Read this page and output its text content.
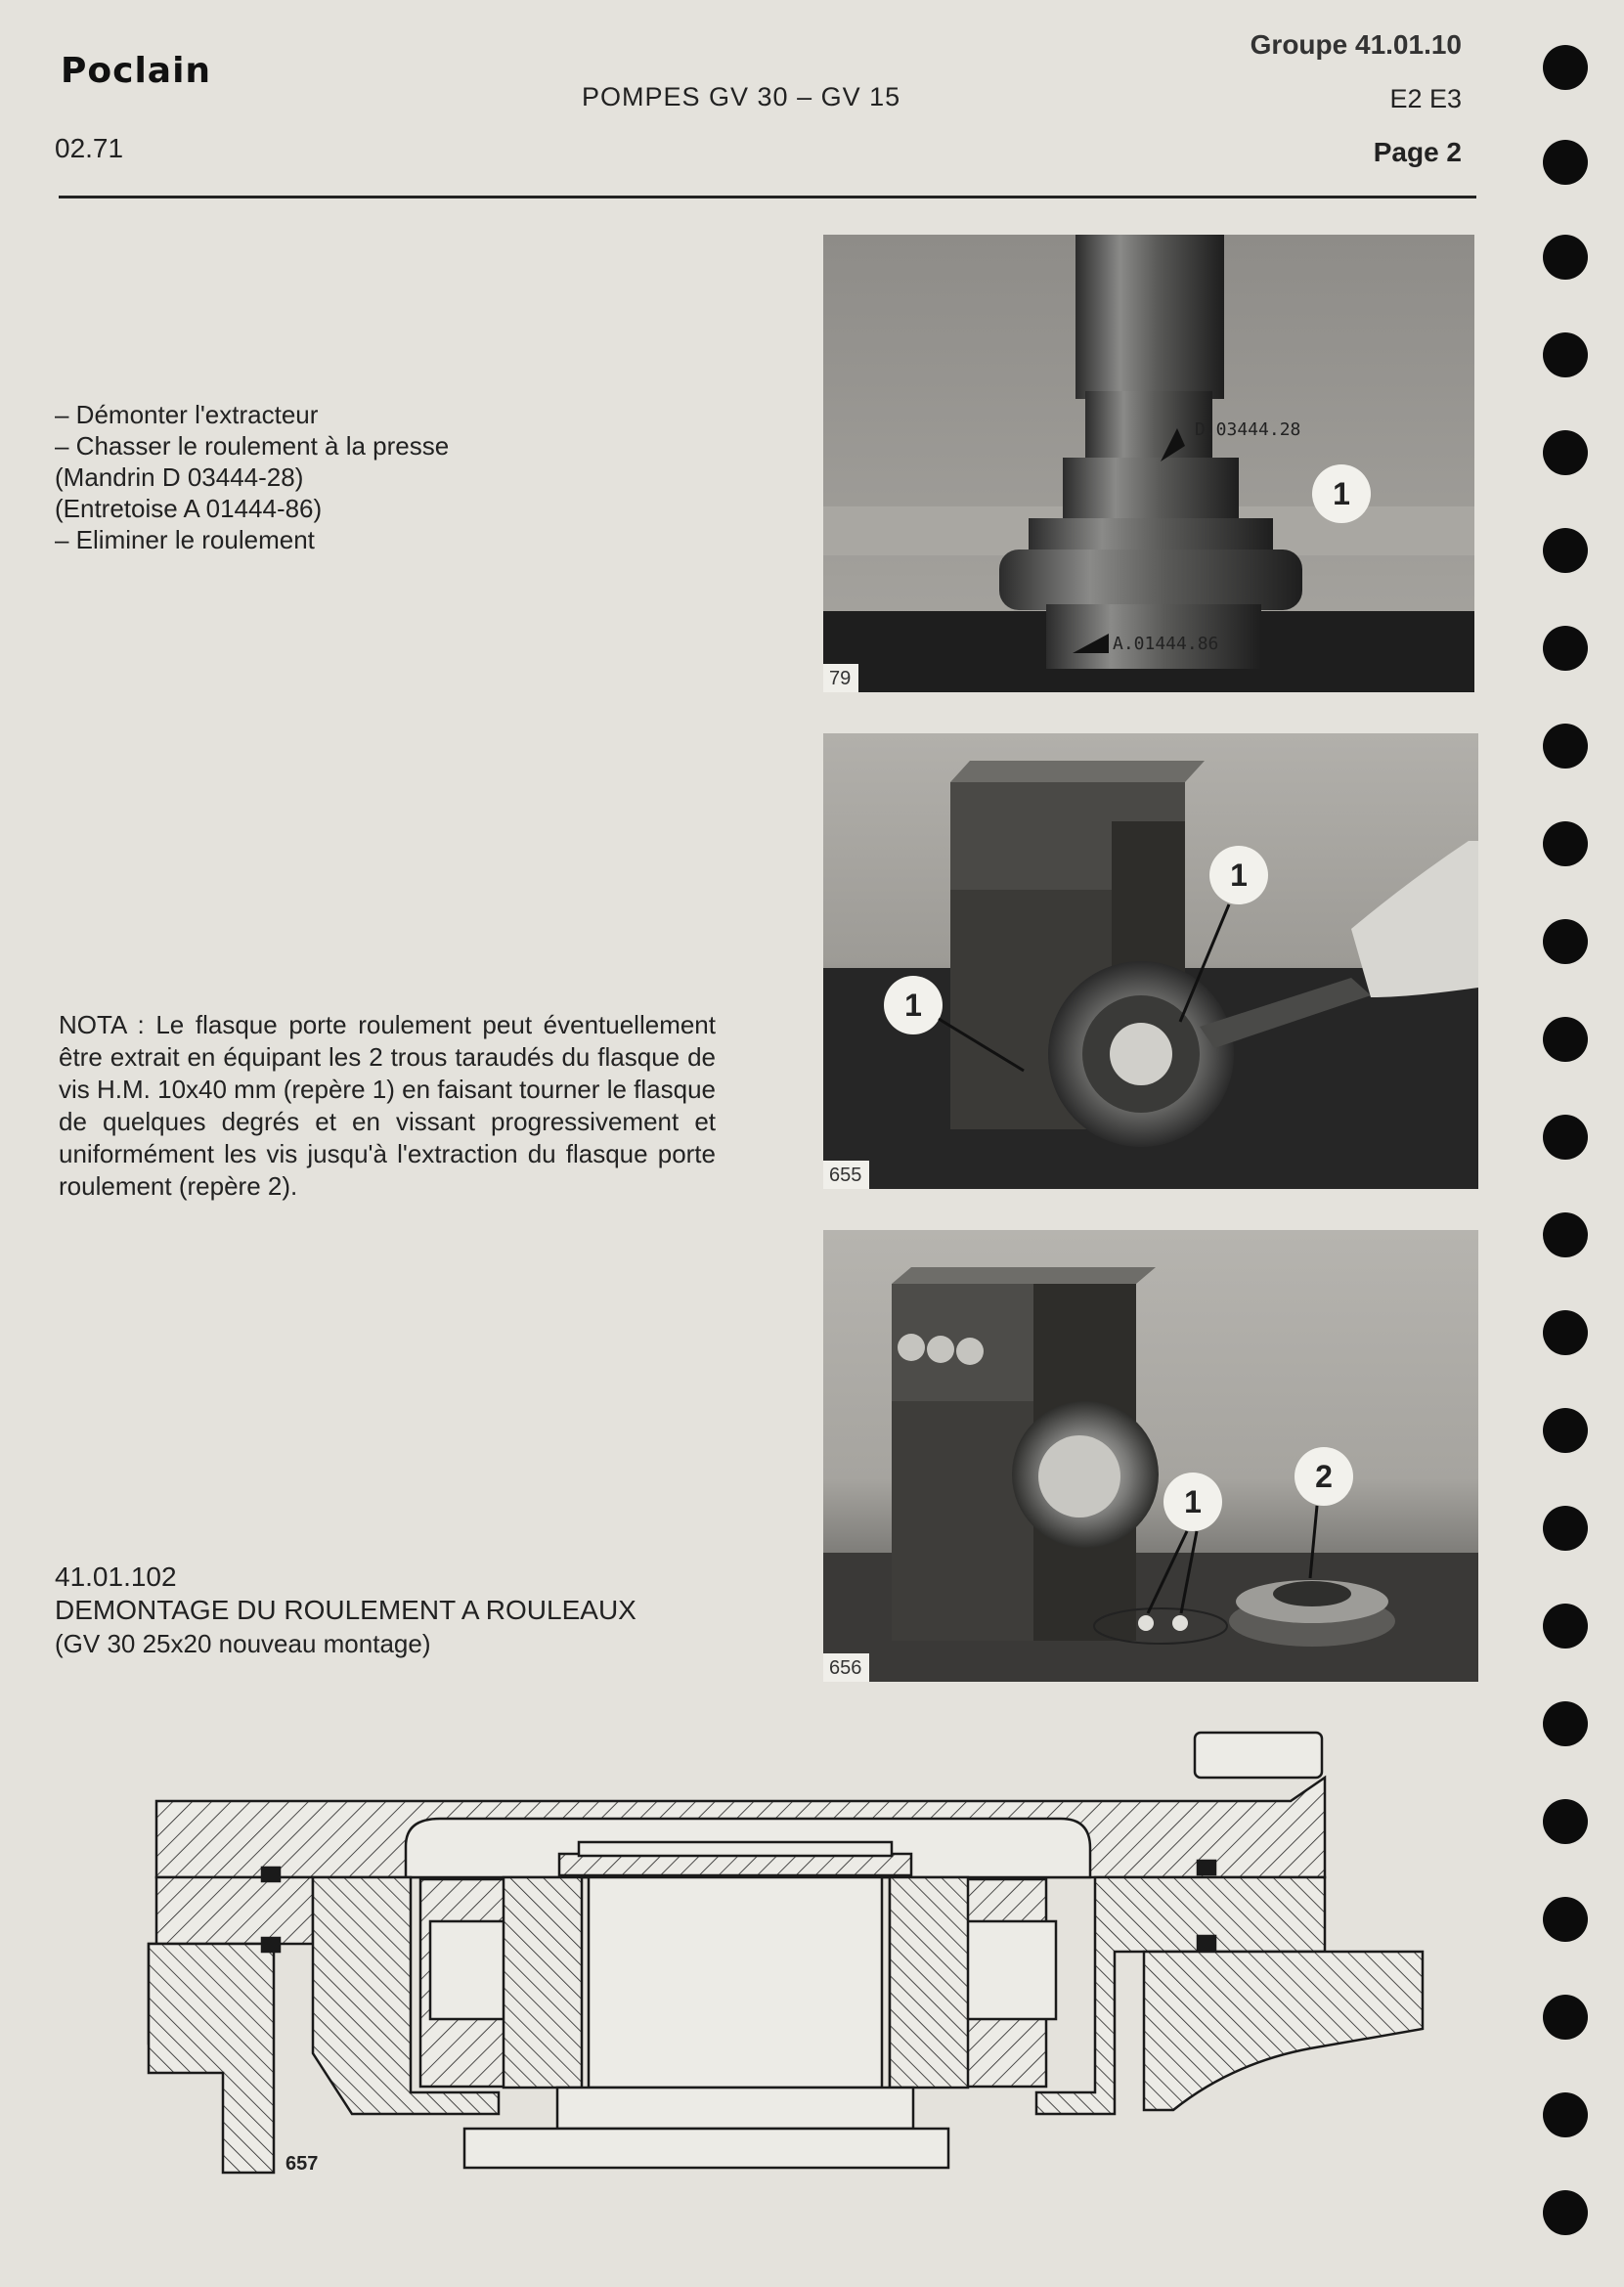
Poclain
POMPES GV 30 – GV 15
Groupe 41.01.10
E2 E3
Page 2
02.71
– Démonter l'extracteur
– Chasser le roulement à la presse
(Mandrin D 03444-28)
(Entretoise A 01444-86)
– Eliminer le roulement
NOTA : Le flasque porte roulement peut éventuellement être extrait en équipant les 2 trous taraudés du flasque de vis H.M. 10x40 mm (repère 1) en faisant tourner le flasque de quelques degrés et en vissant progressivement et uniformément les vis jusqu'à l'extraction du flasque porte roulement (repère 2).
41.01.102
DEMONTAGE DU ROULEMENT A ROULEAUX
(GV 30 25x20 nouveau montage)
D.03444.28
A.01444.86
1
79
1
1
655
1
2
656
657
